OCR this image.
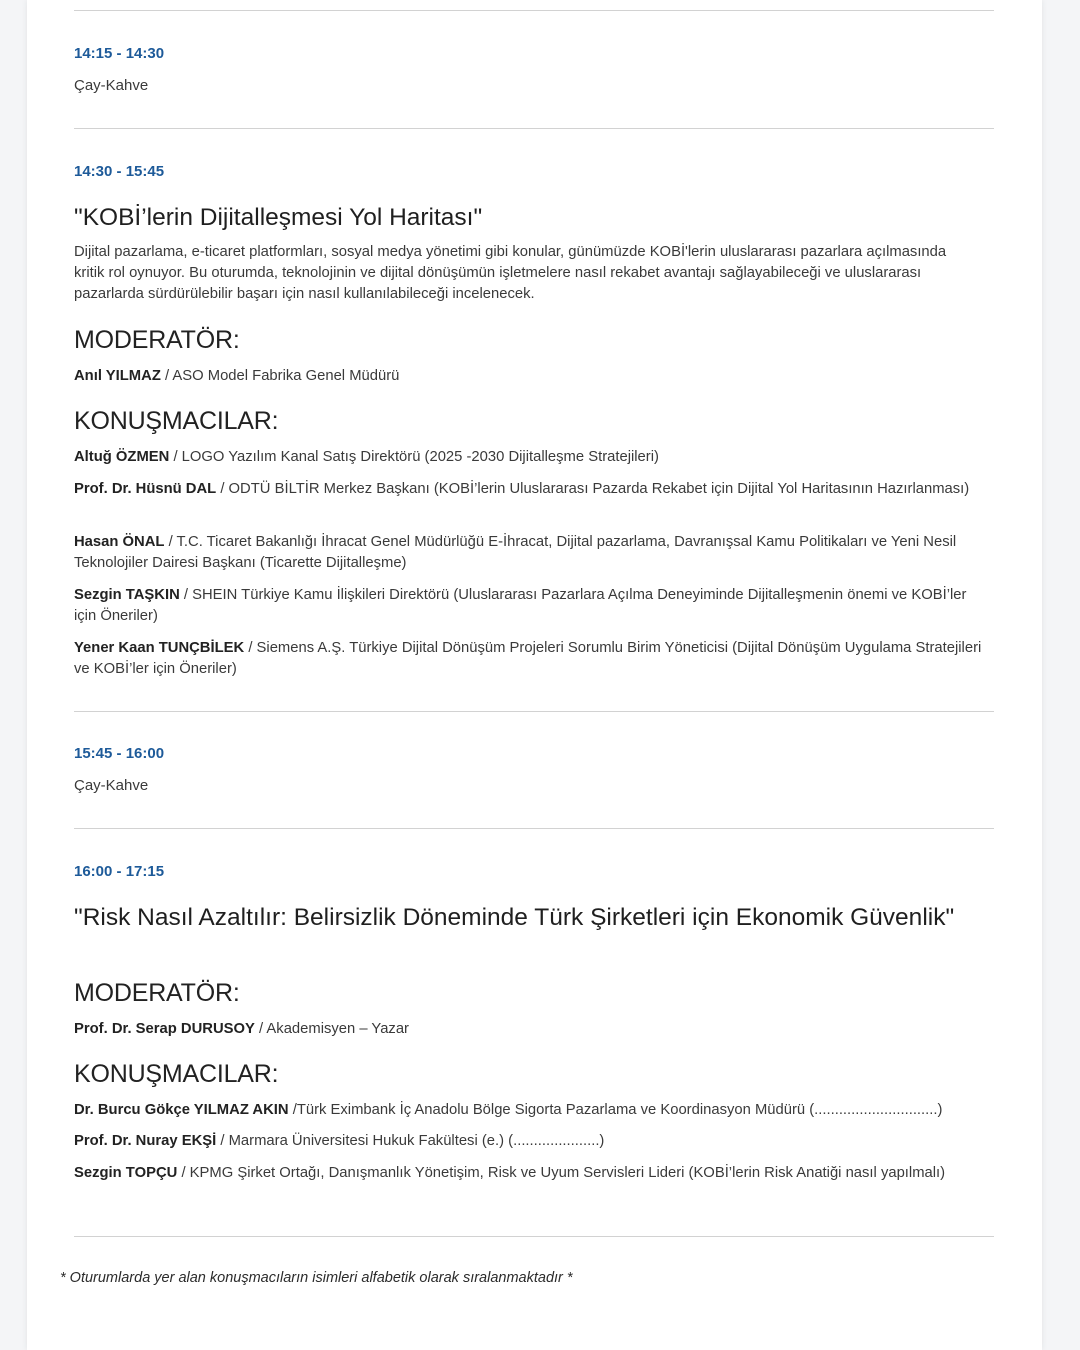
14:15 - 14:30
Çay-Kahve
14:30 - 15:45
"KOBİ’lerin Dijitalleşmesi Yol Haritası"
Dijital pazarlama, e-ticaret platformları, sosyal medya yönetimi gibi konular, günümüzde KOBİ'lerin uluslararası pazarlara açılmasında kritik rol oynuyor. Bu oturumda, teknolojinin ve dijital dönüşümün işletmelere nasıl rekabet avantajı sağlayabileceği ve uluslararası pazarlarda sürdürülebilir başarı için nasıl kullanılabileceği incelenecek.
MODERATÖR:
Anıl YILMAZ / ASO Model Fabrika Genel Müdürü
KONUŞMACILAR:
Altuğ ÖZMEN / LOGO Yazılım Kanal Satış Direktörü (2025 -2030 Dijitalleşme Stratejileri)
Prof. Dr. Hüsnü DAL / ODTÜ BİLTİR Merkez Başkanı (KOBİ’lerin Uluslararası Pazarda Rekabet için Dijital Yol Haritasının Hazırlanması)
Hasan ÖNAL / T.C. Ticaret Bakanlığı İhracat Genel Müdürlüğü E-İhracat, Dijital pazarlama, Davranışsal Kamu Politikaları ve Yeni Nesil Teknolojiler Dairesi Başkanı (Ticarette Dijitalleşme)
Sezgin TAŞKIN / SHEIN Türkiye Kamu İlişkileri Direktörü (Uluslararası Pazarlara Açılma Deneyiminde Dijitalleşmenin önemi ve KOBİ’ler için Öneriler)
Yener Kaan TUNÇBİLEK / Siemens A.Ş. Türkiye Dijital Dönüşüm Projeleri Sorumlu Birim Yöneticisi (Dijital Dönüşüm Uygulama Stratejileri ve KOBİ’ler için Öneriler)
15:45 - 16:00
Çay-Kahve
16:00 - 17:15
"Risk Nasıl Azaltılır: Belirsizlik Döneminde Türk Şirketleri için Ekonomik Güvenlik"
MODERATÖR:
Prof. Dr. Serap DURUSOY / Akademisyen – Yazar
KONUŞMACILAR:
Dr. Burcu Gökçe YILMAZ AKIN /Türk Eximbank İç Anadolu Bölge Sigorta Pazarlama ve Koordinasyon Müdürü (..............................)
Prof. Dr. Nuray EKŞİ / Marmara Üniversitesi Hukuk Fakültesi (e.) (.....................)
Sezgin TOPÇU / KPMG Şirket Ortağı, Danışmanlık Yönetişim, Risk ve Uyum Servisleri Lideri (KOBİ’lerin Risk Anatiği nasıl yapılmalı)
* Oturumlarda yer alan konuşmacıların isimleri alfabetik olarak sıralanmaktadır *
